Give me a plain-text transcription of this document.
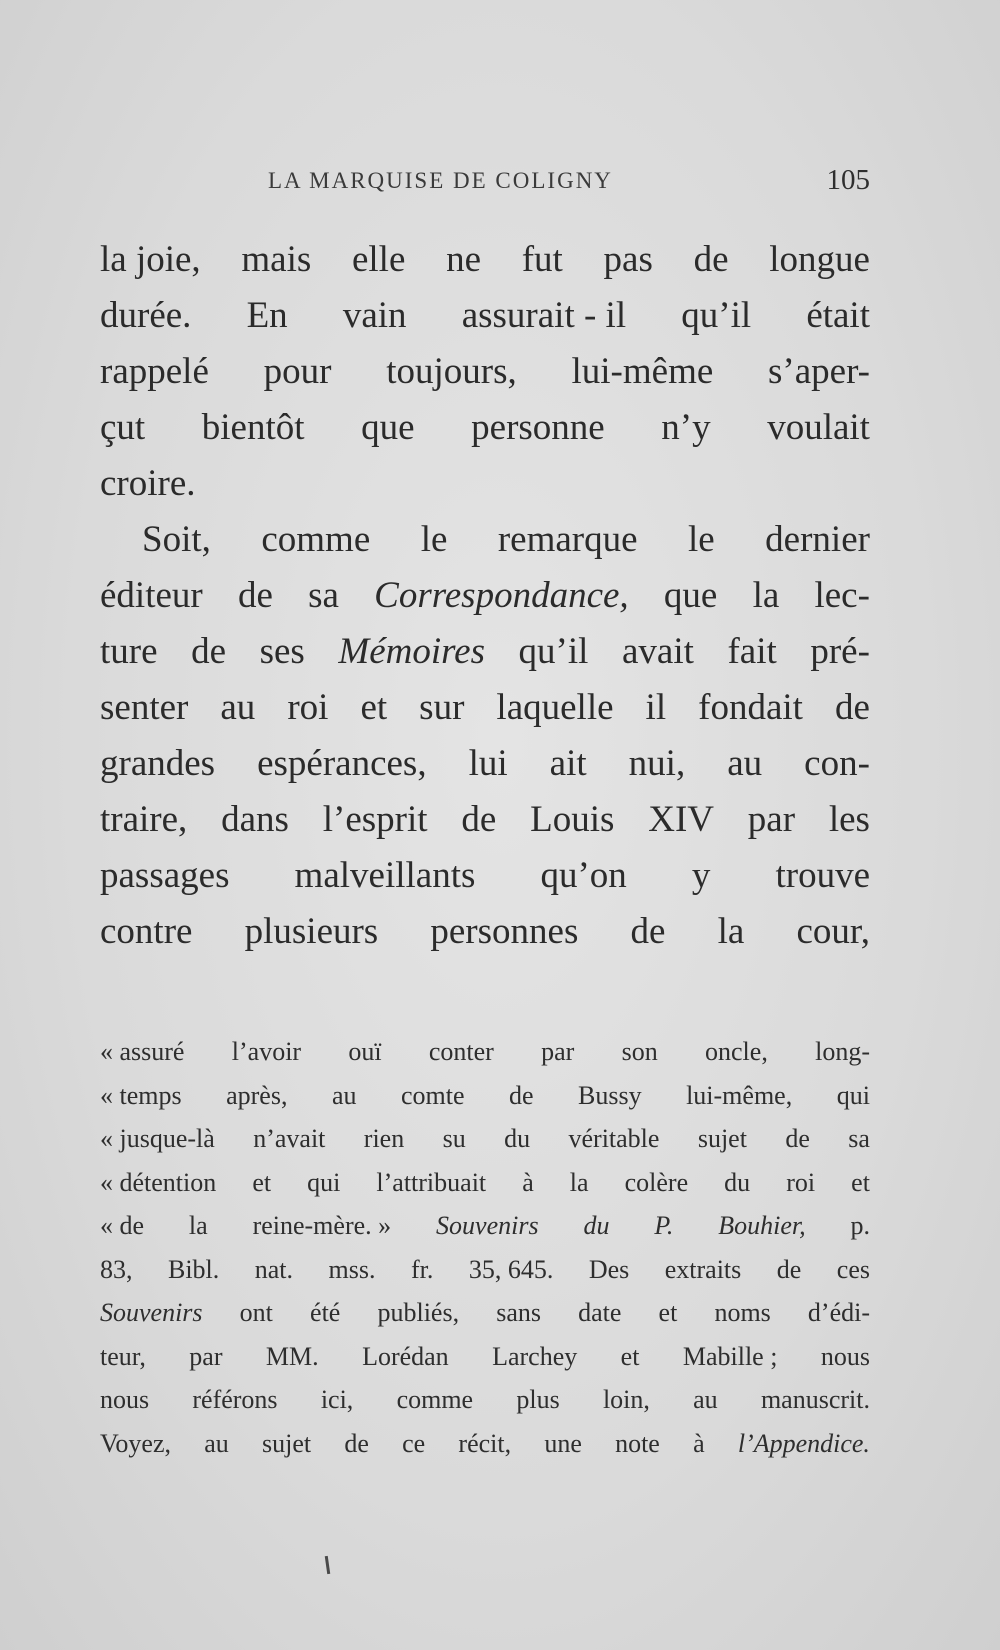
LA MARQUISE DE COLIGNY	105
la joie, mais elle ne fut pas de longue
durée. En vain assurait - il qu’il était
rappelé pour toujours, lui-même s’aper-
çut bientôt que personne n’y voulait
croire.
Soit, comme le remarque le dernier
éditeur de sa Correspondance, que la lec-
ture de ses Mémoires qu’il avait fait pré-
senter au roi et sur laquelle il fondait de
grandes espérances, lui ait nui, au con-
traire, dans l’esprit de Louis XIV par les
passages malveillants qu’on y trouve
contre plusieurs personnes de la cour,
« assuré l’avoir ouï conter par son oncle, long-
« temps après, au comte de Bussy lui-même, qui
« jusque-là n’avait rien su du véritable sujet de sa
« détention et qui l’attribuait à la colère du roi et
« de la reine-mère. » Souvenirs du P. Bouhier, p.
83, Bibl. nat. mss. fr. 35, 645. Des extraits de ces
Souvenirs ont été publiés, sans date et noms d’édi-
teur, par MM. Lorédan Larchey et Mabille ; nous
nous référons ici, comme plus loin, au manuscrit.
Voyez, au sujet de ce récit, une note à l’Appendice.
